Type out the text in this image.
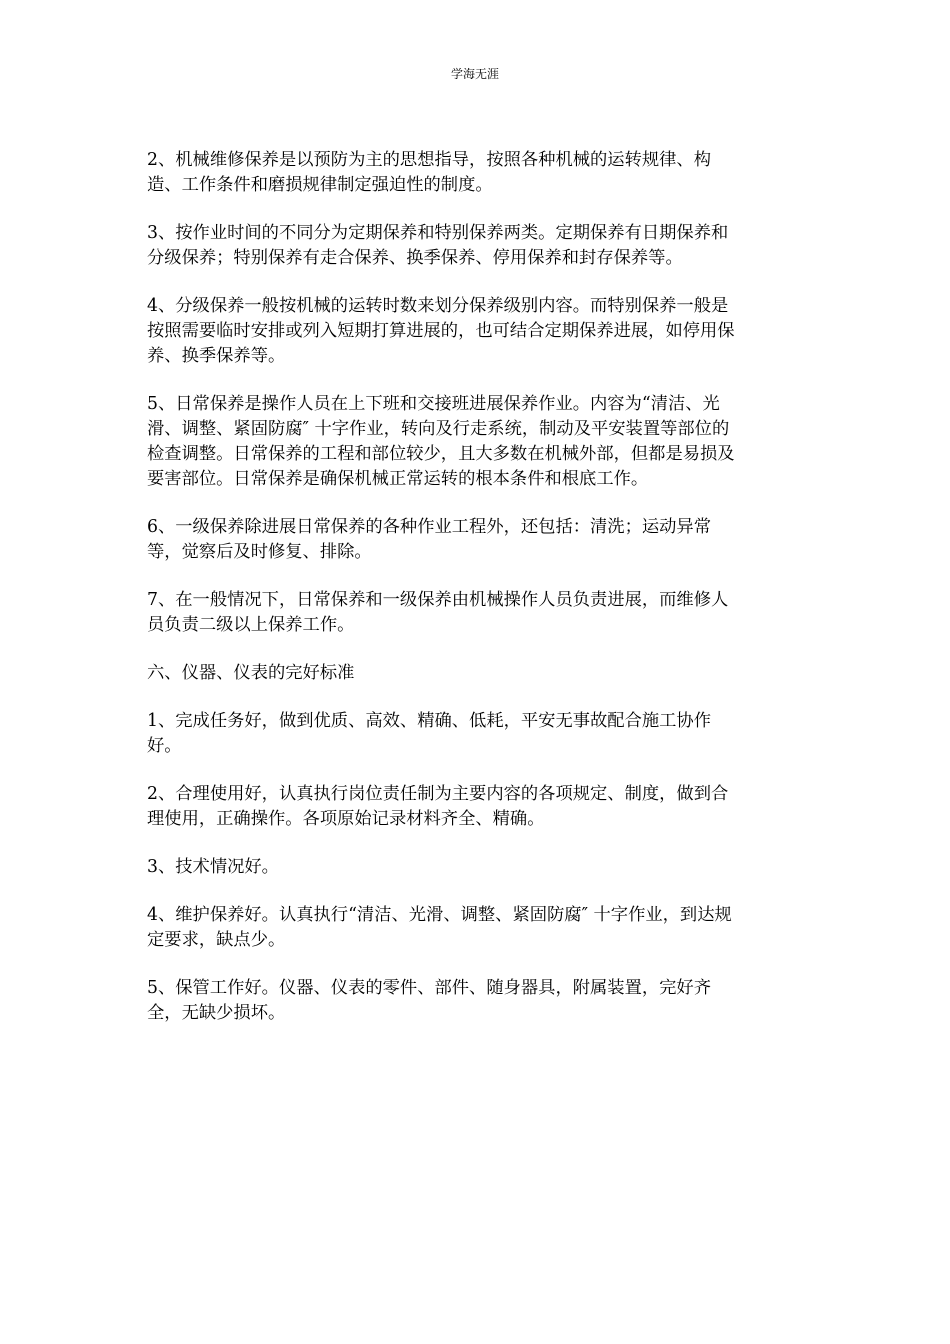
学海无涯

2、机械维修保养是以预防为主的思想指导，按照各种机械的运转规律、构
造、工作条件和磨损规律制定强迫性的制度。

3、按作业时间的不同分为定期保养和特别保养两类。定期保养有日期保养和
分级保养；特别保养有走合保养、换季保养、停用保养和封存保养等。

4、分级保养一般按机械的运转时数来划分保养级别内容。而特别保养一般是
按照需要临时安排或列入短期打算进展的，也可结合定期保养进展，如停用保
养、换季保养等。

5、日常保养是操作人员在上下班和交接班进展保养作业。内容为“清洁、光
滑、调整、紧固防腐″ 十字作业，转向及行走系统，制动及平安装置等部位的
检查调整。日常保养的工程和部位较少，且大多数在机械外部，但都是易损及
要害部位。日常保养是确保机械正常运转的根本条件和根底工作。

6、一级保养除进展日常保养的各种作业工程外，还包括：清洗；运动异常
等，觉察后及时修复、排除。

7、在一般情况下，日常保养和一级保养由机械操作人员负责进展，而维修人
员负责二级以上保养工作。

六、仪器、仪表的完好标准

1、完成任务好，做到优质、高效、精确、低耗，平安无事故配合施工协作
好。

2、合理使用好，认真执行岗位责任制为主要内容的各项规定、制度，做到合
理使用，正确操作。各项原始记录材料齐全、精确。

3、技术情况好。

4、维护保养好。认真执行“清洁、光滑、调整、紧固防腐″ 十字作业，到达规
定要求，缺点少。

5、保管工作好。仪器、仪表的零件、部件、随身器具，附属装置，完好齐
全，无缺少损坏。
